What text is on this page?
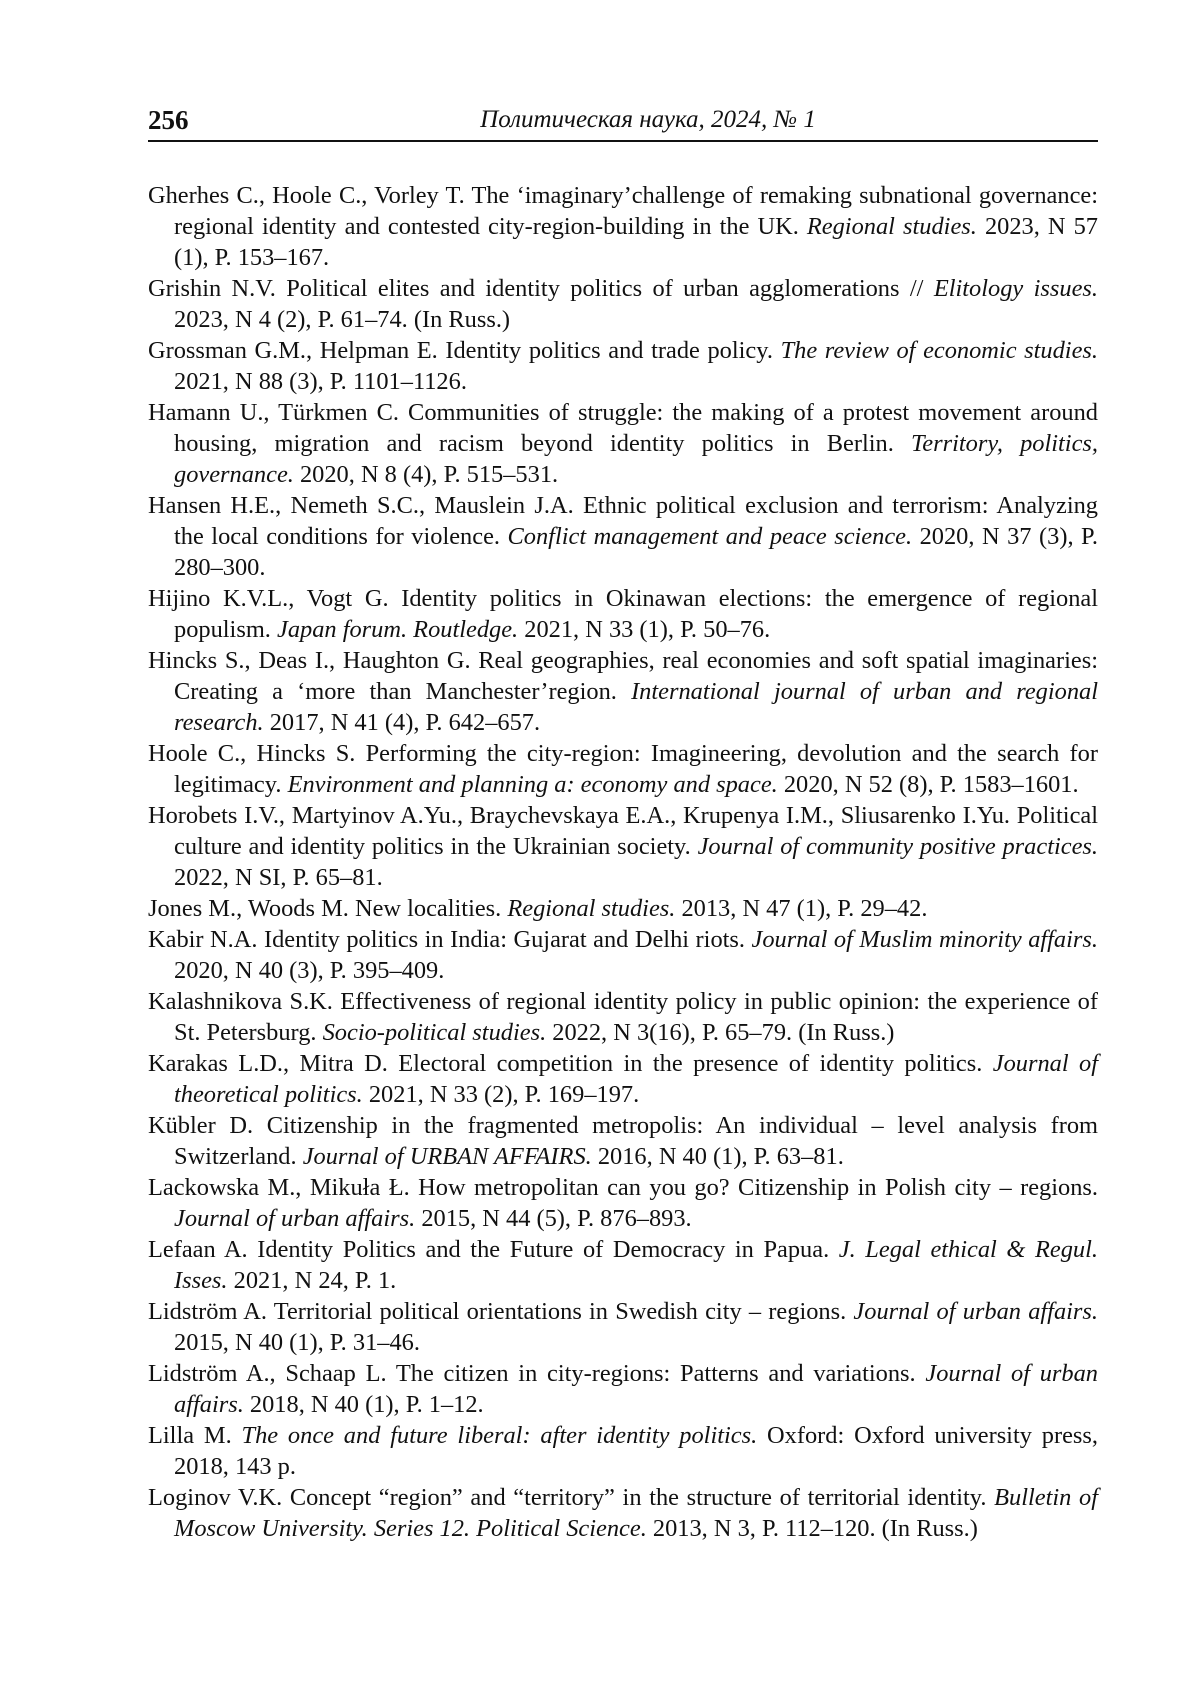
256	Политическая наука, 2024, № 1
Gherhes C., Hoole C., Vorley T. The ‘imaginary’challenge of remaking subnational governance: regional identity and contested city-region-building in the UK. Regional studies. 2023, N 57 (1), P. 153–167.
Grishin N.V. Political elites and identity politics of urban agglomerations // Elitology issues. 2023, N 4 (2), P. 61–74. (In Russ.)
Grossman G.M., Helpman E. Identity politics and trade policy. The review of economic studies. 2021, N 88 (3), P. 1101–1126.
Hamann U., Türkmen C. Communities of struggle: the making of a protest movement around housing, migration and racism beyond identity politics in Berlin. Territory, politics, governance. 2020, N 8 (4), P. 515–531.
Hansen H.E., Nemeth S.C., Mauslein J.A. Ethnic political exclusion and terrorism: Analyzing the local conditions for violence. Conflict management and peace science. 2020, N 37 (3), P. 280–300.
Hijino K.V.L., Vogt G. Identity politics in Okinawan elections: the emergence of regional populism. Japan forum. Routledge. 2021, N 33 (1), P. 50–76.
Hincks S., Deas I., Haughton G. Real geographies, real economies and soft spatial imaginaries: Creating a ‘more than Manchester’region. International journal of urban and regional research. 2017, N 41 (4), P. 642–657.
Hoole C., Hincks S. Performing the city-region: Imagineering, devolution and the search for legitimacy. Environment and planning a: economy and space. 2020, N 52 (8), P. 1583–1601.
Horobets I.V., Martyinov A.Yu., Braychevskaya E.A., Krupenya I.M., Sliusarenko I.Yu. Political culture and identity politics in the Ukrainian society. Journal of community positive practices. 2022, N SI, P. 65–81.
Jones M., Woods M. New localities. Regional studies. 2013, N 47 (1), P. 29–42.
Kabir N.A. Identity politics in India: Gujarat and Delhi riots. Journal of Muslim minority affairs. 2020, N 40 (3), P. 395–409.
Kalashnikova S.K. Effectiveness of regional identity policy in public opinion: the experience of St. Petersburg. Socio-political studies. 2022, N 3(16), P. 65–79. (In Russ.)
Karakas L.D., Mitra D. Electoral competition in the presence of identity politics. Journal of theoretical politics. 2021, N 33 (2), P. 169–197.
Kübler D. Citizenship in the fragmented metropolis: An individual – level analysis from Switzerland. Journal of URBAN AFFAIRS. 2016, N 40 (1), P. 63–81.
Lackowska M., Mikuła Ł. How metropolitan can you go? Citizenship in Polish city – regions. Journal of urban affairs. 2015, N 44 (5), P. 876–893.
Lefaan A. Identity Politics and the Future of Democracy in Papua. J. Legal ethical & Regul. Isses. 2021, N 24, P. 1.
Lidström A. Territorial political orientations in Swedish city – regions. Journal of urban affairs. 2015, N 40 (1), P. 31–46.
Lidström A., Schaap L. The citizen in city-regions: Patterns and variations. Journal of urban affairs. 2018, N 40 (1), P. 1–12.
Lilla M. The once and future liberal: after identity politics. Oxford: Oxford university press, 2018, 143 p.
Loginov V.K. Concept “region” and “territory” in the structure of territorial identity. Bulletin of Moscow University. Series 12. Political Science. 2013, N 3, P. 112–120. (In Russ.)
